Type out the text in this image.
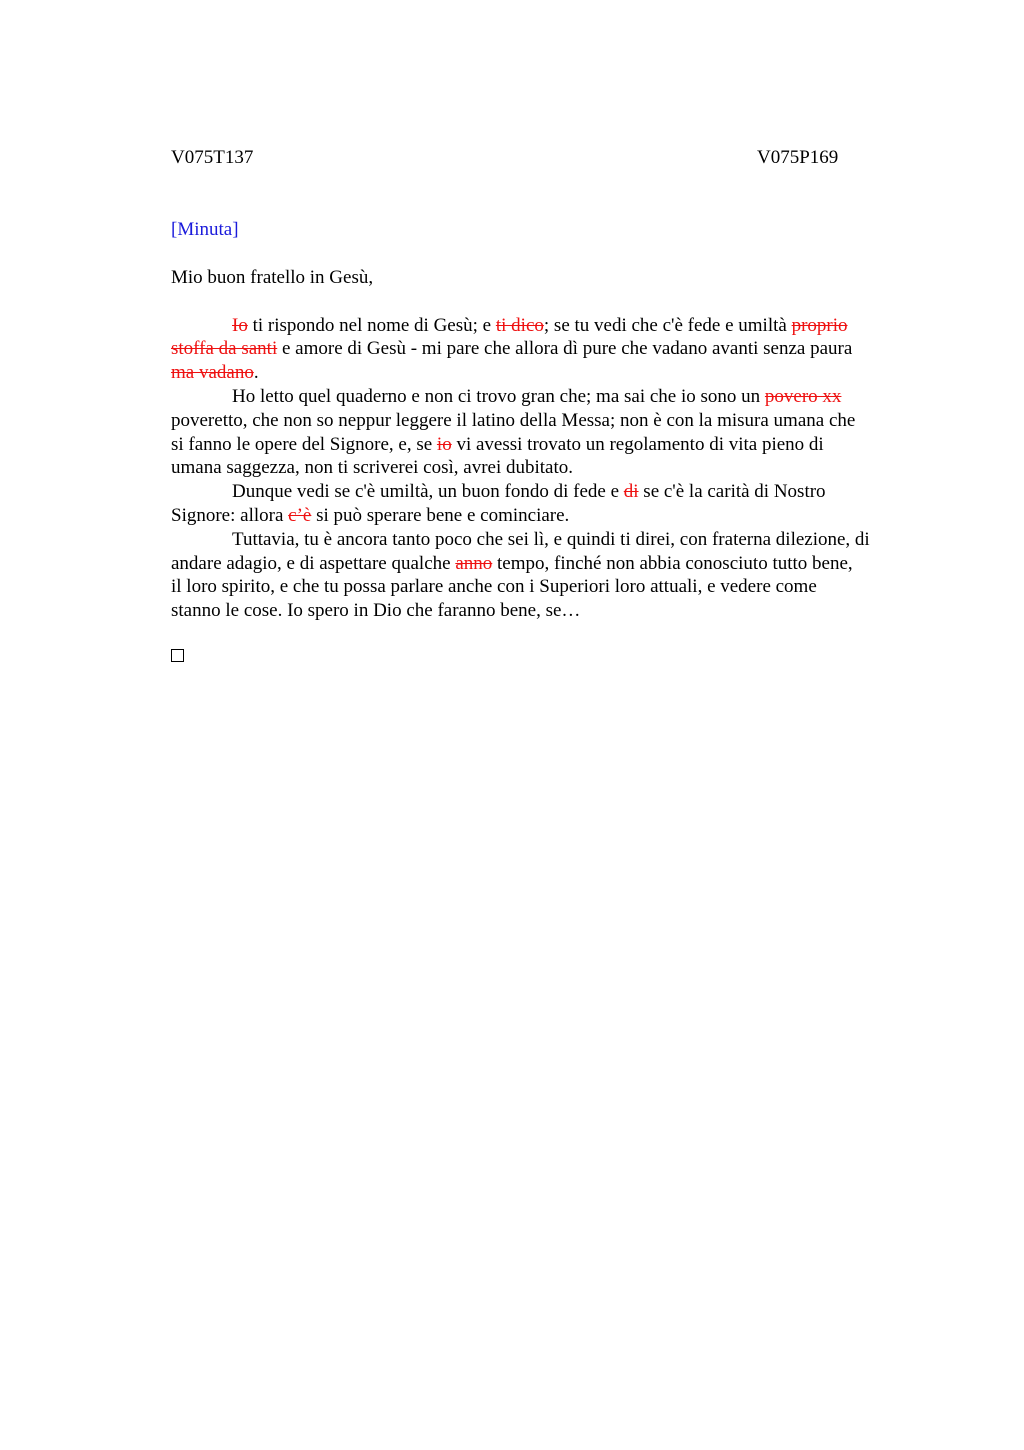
V075T137	V075P169
[Minuta]
Mio buon fratello in Gesù,

Io ti rispondo nel nome di Gesù; e ti dico; se tu vedi che c'è fede e umiltà proprio
stoffa da santi e amore di Gesù - mi pare che allora dì pure che vadano avanti senza paura
ma vadano.

Ho letto quel quaderno e non ci trovo gran che; ma sai che io sono un povero xx
poveretto, che non so neppur leggere il latino della Messa; non è con la misura umana che
si fanno le opere del Signore, e, se io vi avessi trovato un regolamento di vita pieno di
umana saggezza, non ti scriverei così, avrei dubitato.

Dunque vedi se c'è umiltà, un buon fondo di fede e di se c'è la carità di Nostro
Signore: allora c’è si può sperare bene e cominciare.

Tuttavia, tu è ancora tanto poco che sei lì, e quindi ti direi, con fraterna dilezione, di
andare adagio, e di aspettare qualche anno tempo, finché non abbia conosciuto tutto bene,
il loro spirito, e che tu possa parlare anche con i Superiori loro attuali, e vedere come
stanno le cose. Io spero in Dio che faranno bene, se…
